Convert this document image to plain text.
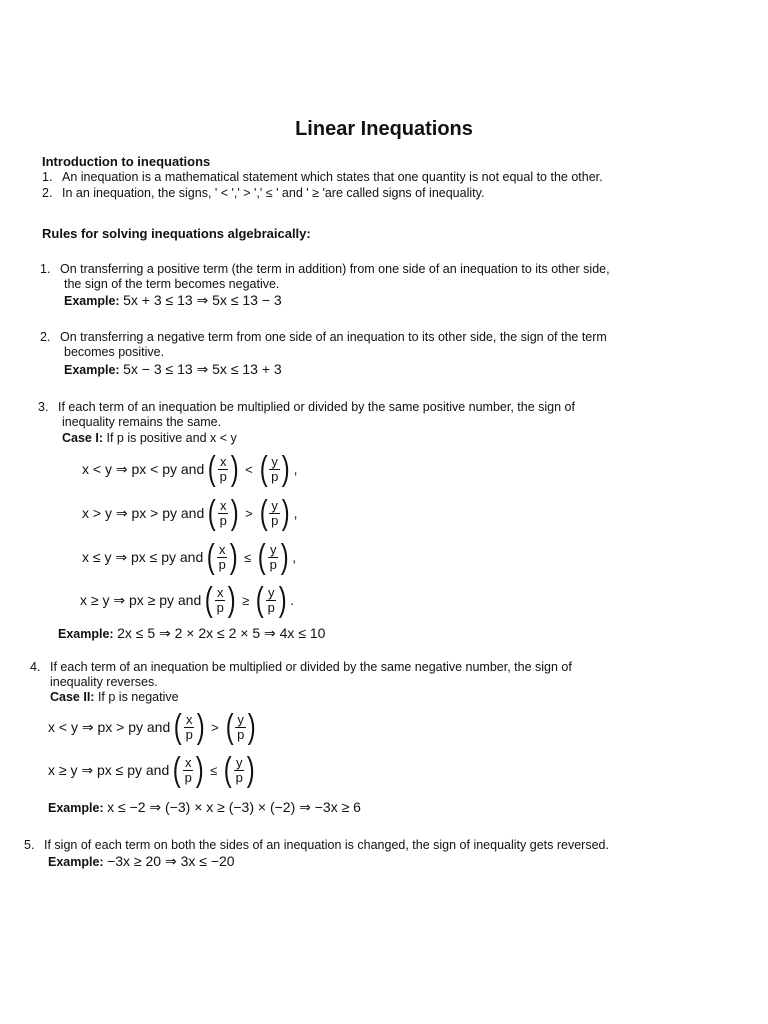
Linear Inequations
Introduction to inequations
1. An inequation is a mathematical statement which states that one quantity is not equal to the other.
2. In an inequation, the signs, ' < ',' > ',' ≤ ' and ' ≥ 'are called signs of inequality.
Rules for solving inequations algebraically:
1. On transferring a positive term (the term in addition) from one side of an inequation to its other side,
the sign of the term becomes negative.
Example: 5x + 3 ≤ 13 ⇒ 5x ≤ 13 − 3
2. On transferring a negative term from one side of an inequation to its other side, the sign of the term
becomes positive.
Example: 5x − 3 ≤ 13 ⇒ 5x ≤ 13 + 3
3. If each term of an inequation be multiplied or divided by the same positive number, the sign of
inequality remains the same.
Case I: If p is positive and x < y
x < y ⇒ px < py and ( $\frac{x}{p}$ ) < ( $\frac{y}{p}$ ) ,
x > y ⇒ px > py and ( $\frac{x}{p}$ ) > ( $\frac{y}{p}$ ) ,
x ≤ y ⇒ px ≤ py and ( $\frac{x}{p}$ ) ≤ ( $\frac{y}{p}$ ) ,
x ≥ y ⇒ px ≥ py and ( $\frac{x}{p}$ ) ≥ ( $\frac{y}{p}$ ) .
Example: 2x ≤ 5 ⇒ 2 × 2x ≤ 2 × 5 ⇒ 4x ≤ 10
4. If each term of an inequation be multiplied or divided by the same negative number, the sign of
inequality reverses.
Case II: If p is negative
x < y ⇒ px > py and ( $\frac{x}{p}$ ) > ( $\frac{y}{p}$ )
x ≥ y ⇒ px ≤ py and ( $\frac{x}{p}$ ) ≤ ( $\frac{y}{p}$ )
Example: x ≤ −2 ⇒ (−3) × x ≥ (−3) × (−2) ⇒ −3x ≥ 6
5. If sign of each term on both the sides of an inequation is changed, the sign of inequality gets reversed.
Example: −3x ≥ 20 ⇒ 3x ≤ −20
